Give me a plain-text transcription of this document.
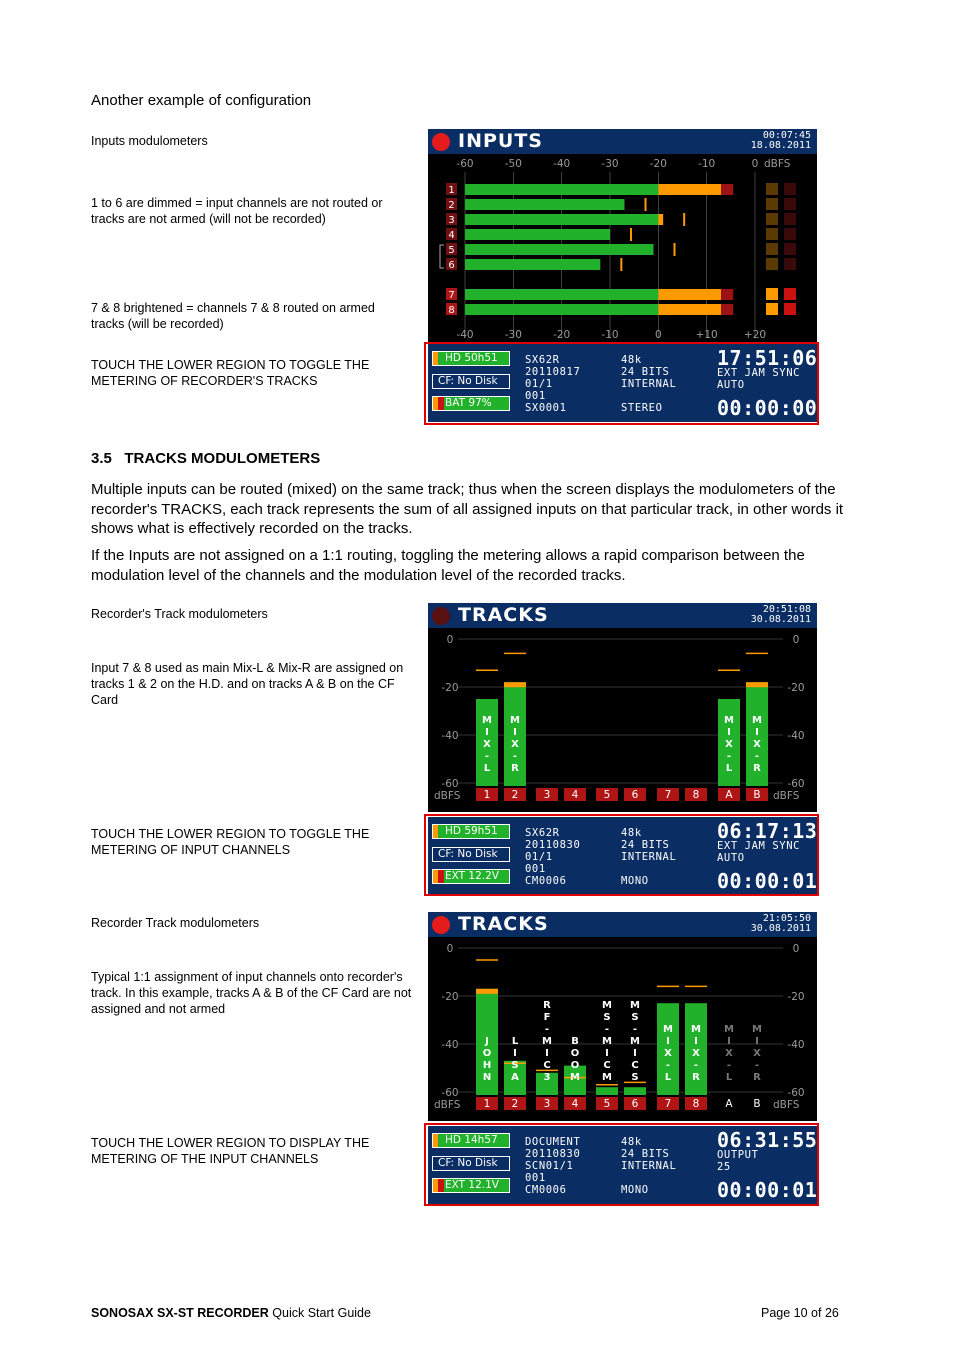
Another example of configuration
Inputs modulometers
1 to 6 are dimmed = input channels are not routed or tracks are not armed (will not be recorded)
7 & 8 brightened = channels 7 & 8 routed on armed tracks (will be recorded)
TOUCH THE LOWER REGION TO TOGGLE THE METERING OF RECORDER'S TRACKS
3.5 TRACKS MODULOMETERS
Multiple inputs can be routed (mixed) on the same track; thus when the screen displays the modulometers of the recorder's TRACKS, each track represents the sum of all assigned inputs on that particular track, in other words it shows what is effectively recorded on the tracks.
If the Inputs are not assigned on a 1:1 routing, toggling the metering allows a rapid comparison between the modulation level of the channels and the modulation level of the recorded tracks.
Recorder's Track modulometers
Input 7 & 8 used as main Mix-L & Mix-R are assigned on tracks 1 & 2 on the H.D. and on tracks A & B on the CF Card
TOUCH THE LOWER REGION TO TOGGLE THE METERING OF INPUT CHANNELS
Recorder Track modulometers
Typical 1:1 assignment of input channels onto recorder's track. In this example, tracks A & B of the CF Card are not assigned and not armed
TOUCH THE LOWER REGION TO DISPLAY THE METERING OF THE INPUT CHANNELS
INPUTS	00:07:45
18.08.2011
-60	-50	-40	-30	-20	-10	0 dBFS
-40	-30	-20	-10	0	+10 +20
1
2
3
4
5
6
7
8
HD 50h51
CF: No Disk
BAT 97%
SX62R
20110817
01/1
001
SX0001
48k
24 BITS
INTERNAL

STEREO
17:51:06
EXT JAM SYNC
AUTO
00:00:00
TRACKS	20:51:08
30.08.2011
0	0
-20	-20
-40	-40
-60	-60
dBFS	dBFS
1
M
I
X
-
L
2
M
I
X
-
R
3 4 5 6	7 8 A
M
I
X
-
L
B
M
I
X
-
R
HD 59h51
CF: No Disk
EXT 12.2V
SX62R
20110830
01/1
001
CM0006
48k
24 BITS
INTERNAL

MONO
06:17:13
EXT JAM SYNC
AUTO
00:00:01
TRACKS	21:05:50
30.08.2011
0	0
-20	-20
-40	-40
-60	-60
dBFS	dBFS
1
J
O
H
N
2
L
I
S
A
3
R
F
-
M
I
C
3
4
B
O
O
M
5
M
S
-
M
I
C
M
6
M
S
-
M
I
C
S
7
M
I
X
-
L
8
M
I
X
-
R
A
M
I
X
-
L
B
M
I
X
-
R
HD 14h57
CF: No Disk
EXT 12.1V
DOCUMENT
20110830
SCN01/1
001
CM0006
48k
24 BITS
INTERNAL

MONO
06:31:55
OUTPUT
25
00:00:01
SONOSAX SX-ST RECORDER Quick Start Guide	Page 10 of 26
